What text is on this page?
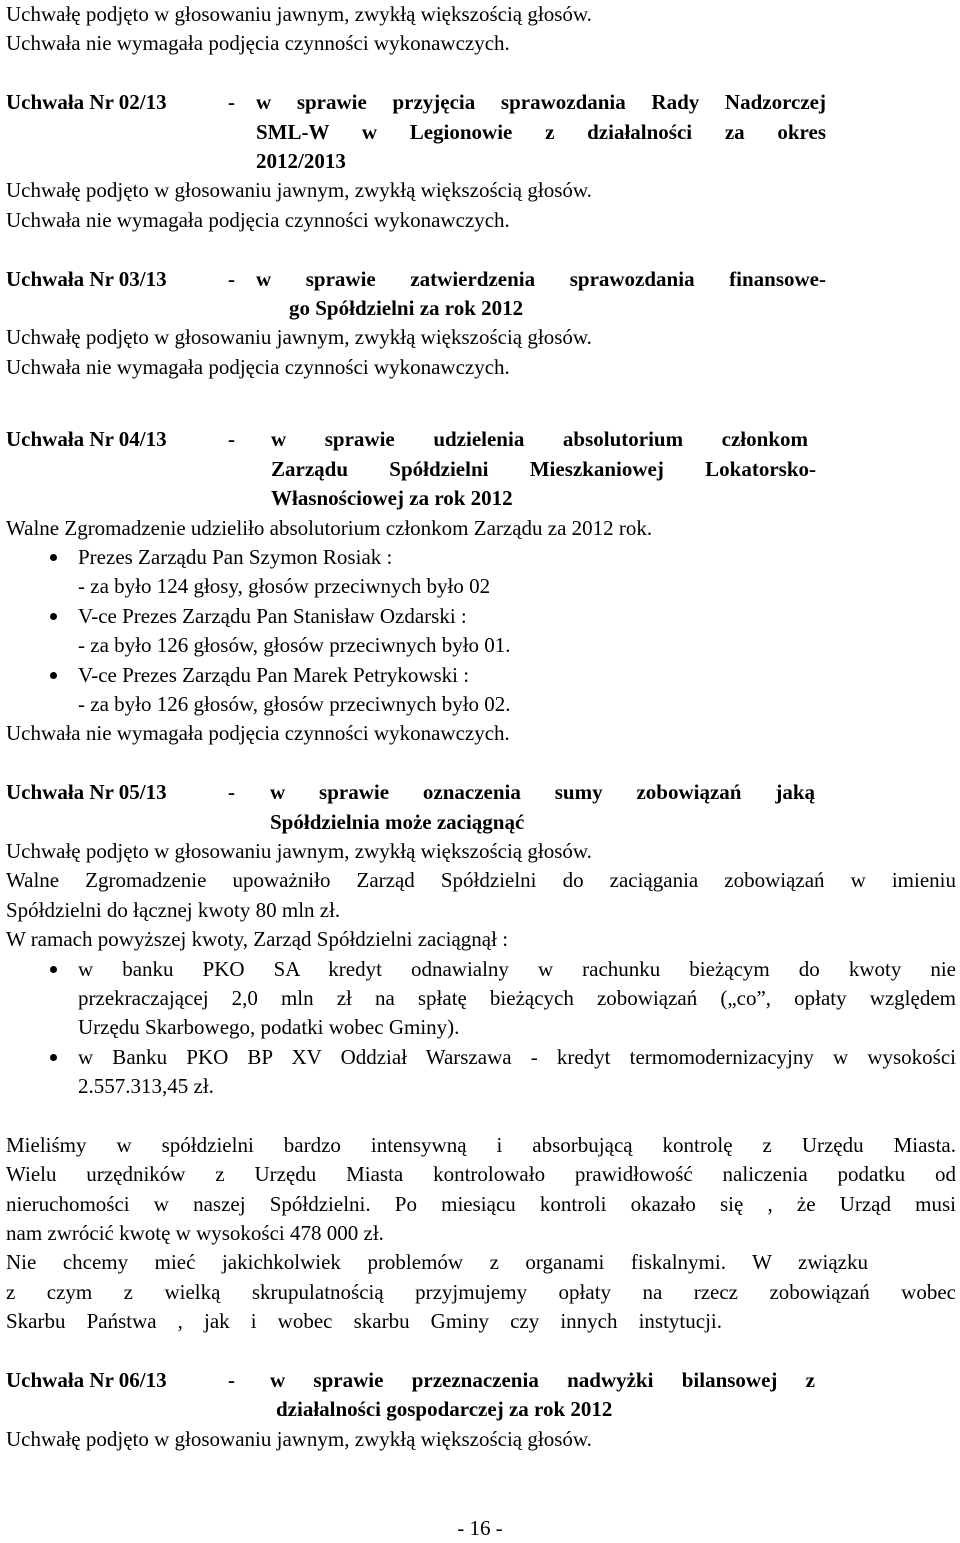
Uchwałę podjęto w głosowaniu jawnym, zwykłą większością głosów.
Uchwała nie wymagała podjęcia czynności wykonawczych.
Uchwała Nr 02/13	- w sprawie przyjęcia sprawozdania Rady Nadzorczej
SML-W w Legionowie z działalności za okres
2012/2013
Uchwałę podjęto w głosowaniu jawnym, zwykłą większością głosów.
Uchwała nie wymagała podjęcia czynności wykonawczych.
Uchwała Nr 03/13	- w sprawie zatwierdzenia sprawozdania finansowe-
go Spółdzielni za rok 2012
Uchwałę podjęto w głosowaniu jawnym, zwykłą większością głosów.
Uchwała nie wymagała podjęcia czynności wykonawczych.
Uchwała Nr 04/13	- w sprawie udzielenia absolutorium członkom
Zarządu Spółdzielni Mieszkaniowej Lokatorsko-
Własnościowej za rok 2012
Walne Zgromadzenie udzieliło absolutorium członkom Zarządu za 2012 rok.
Prezes Zarządu Pan Szymon Rosiak :
- za było 124 głosy, głosów przeciwnych było 02
V-ce Prezes Zarządu Pan Stanisław Ozdarski :
- za było 126 głosów, głosów przeciwnych było 01.
V-ce Prezes Zarządu Pan Marek Petrykowski :
- za było 126 głosów, głosów przeciwnych było 02.
Uchwała nie wymagała podjęcia czynności wykonawczych.
Uchwała Nr 05/13	- w sprawie oznaczenia sumy zobowiązań jaką
Spółdzielnia może zaciągnąć
Uchwałę podjęto w głosowaniu jawnym, zwykłą większością głosów.
Walne Zgromadzenie upoważniło Zarząd Spółdzielni do zaciągania zobowiązań w imieniu
Spółdzielni do łącznej kwoty 80 mln zł.
W ramach powyższej kwoty, Zarząd Spółdzielni zaciągnął :
w banku PKO SA kredyt odnawialny w rachunku bieżącym do kwoty nie
przekraczającej 2,0 mln zł na spłatę bieżących zobowiązań („co”, opłaty względem
Urzędu Skarbowego, podatki wobec Gminy).
w Banku PKO BP XV Oddział Warszawa - kredyt termomodernizacyjny w wysokości
2.557.313,45 zł.
Mieliśmy w spółdzielni bardzo intensywną i absorbującą kontrolę z Urzędu Miasta.
Wielu urzędników z Urzędu Miasta kontrolowało prawidłowość naliczenia podatku od
nieruchomości w naszej Spółdzielni. Po miesiącu kontroli okazało się , że Urząd musi
nam zwrócić kwotę w wysokości 478 000 zł.
Nie chcemy mieć jakichkolwiek problemów z organami fiskalnymi. W związku
z czym z wielką skrupulatnością przyjmujemy opłaty na rzecz zobowiązań wobec
Skarbu Państwa , jak i wobec skarbu Gminy czy innych instytucji.
Uchwała Nr 06/13	- w sprawie przeznaczenia nadwyżki bilansowej z
działalności gospodarczej za rok 2012
Uchwałę podjęto w głosowaniu jawnym, zwykłą większością głosów.
- 16 -
